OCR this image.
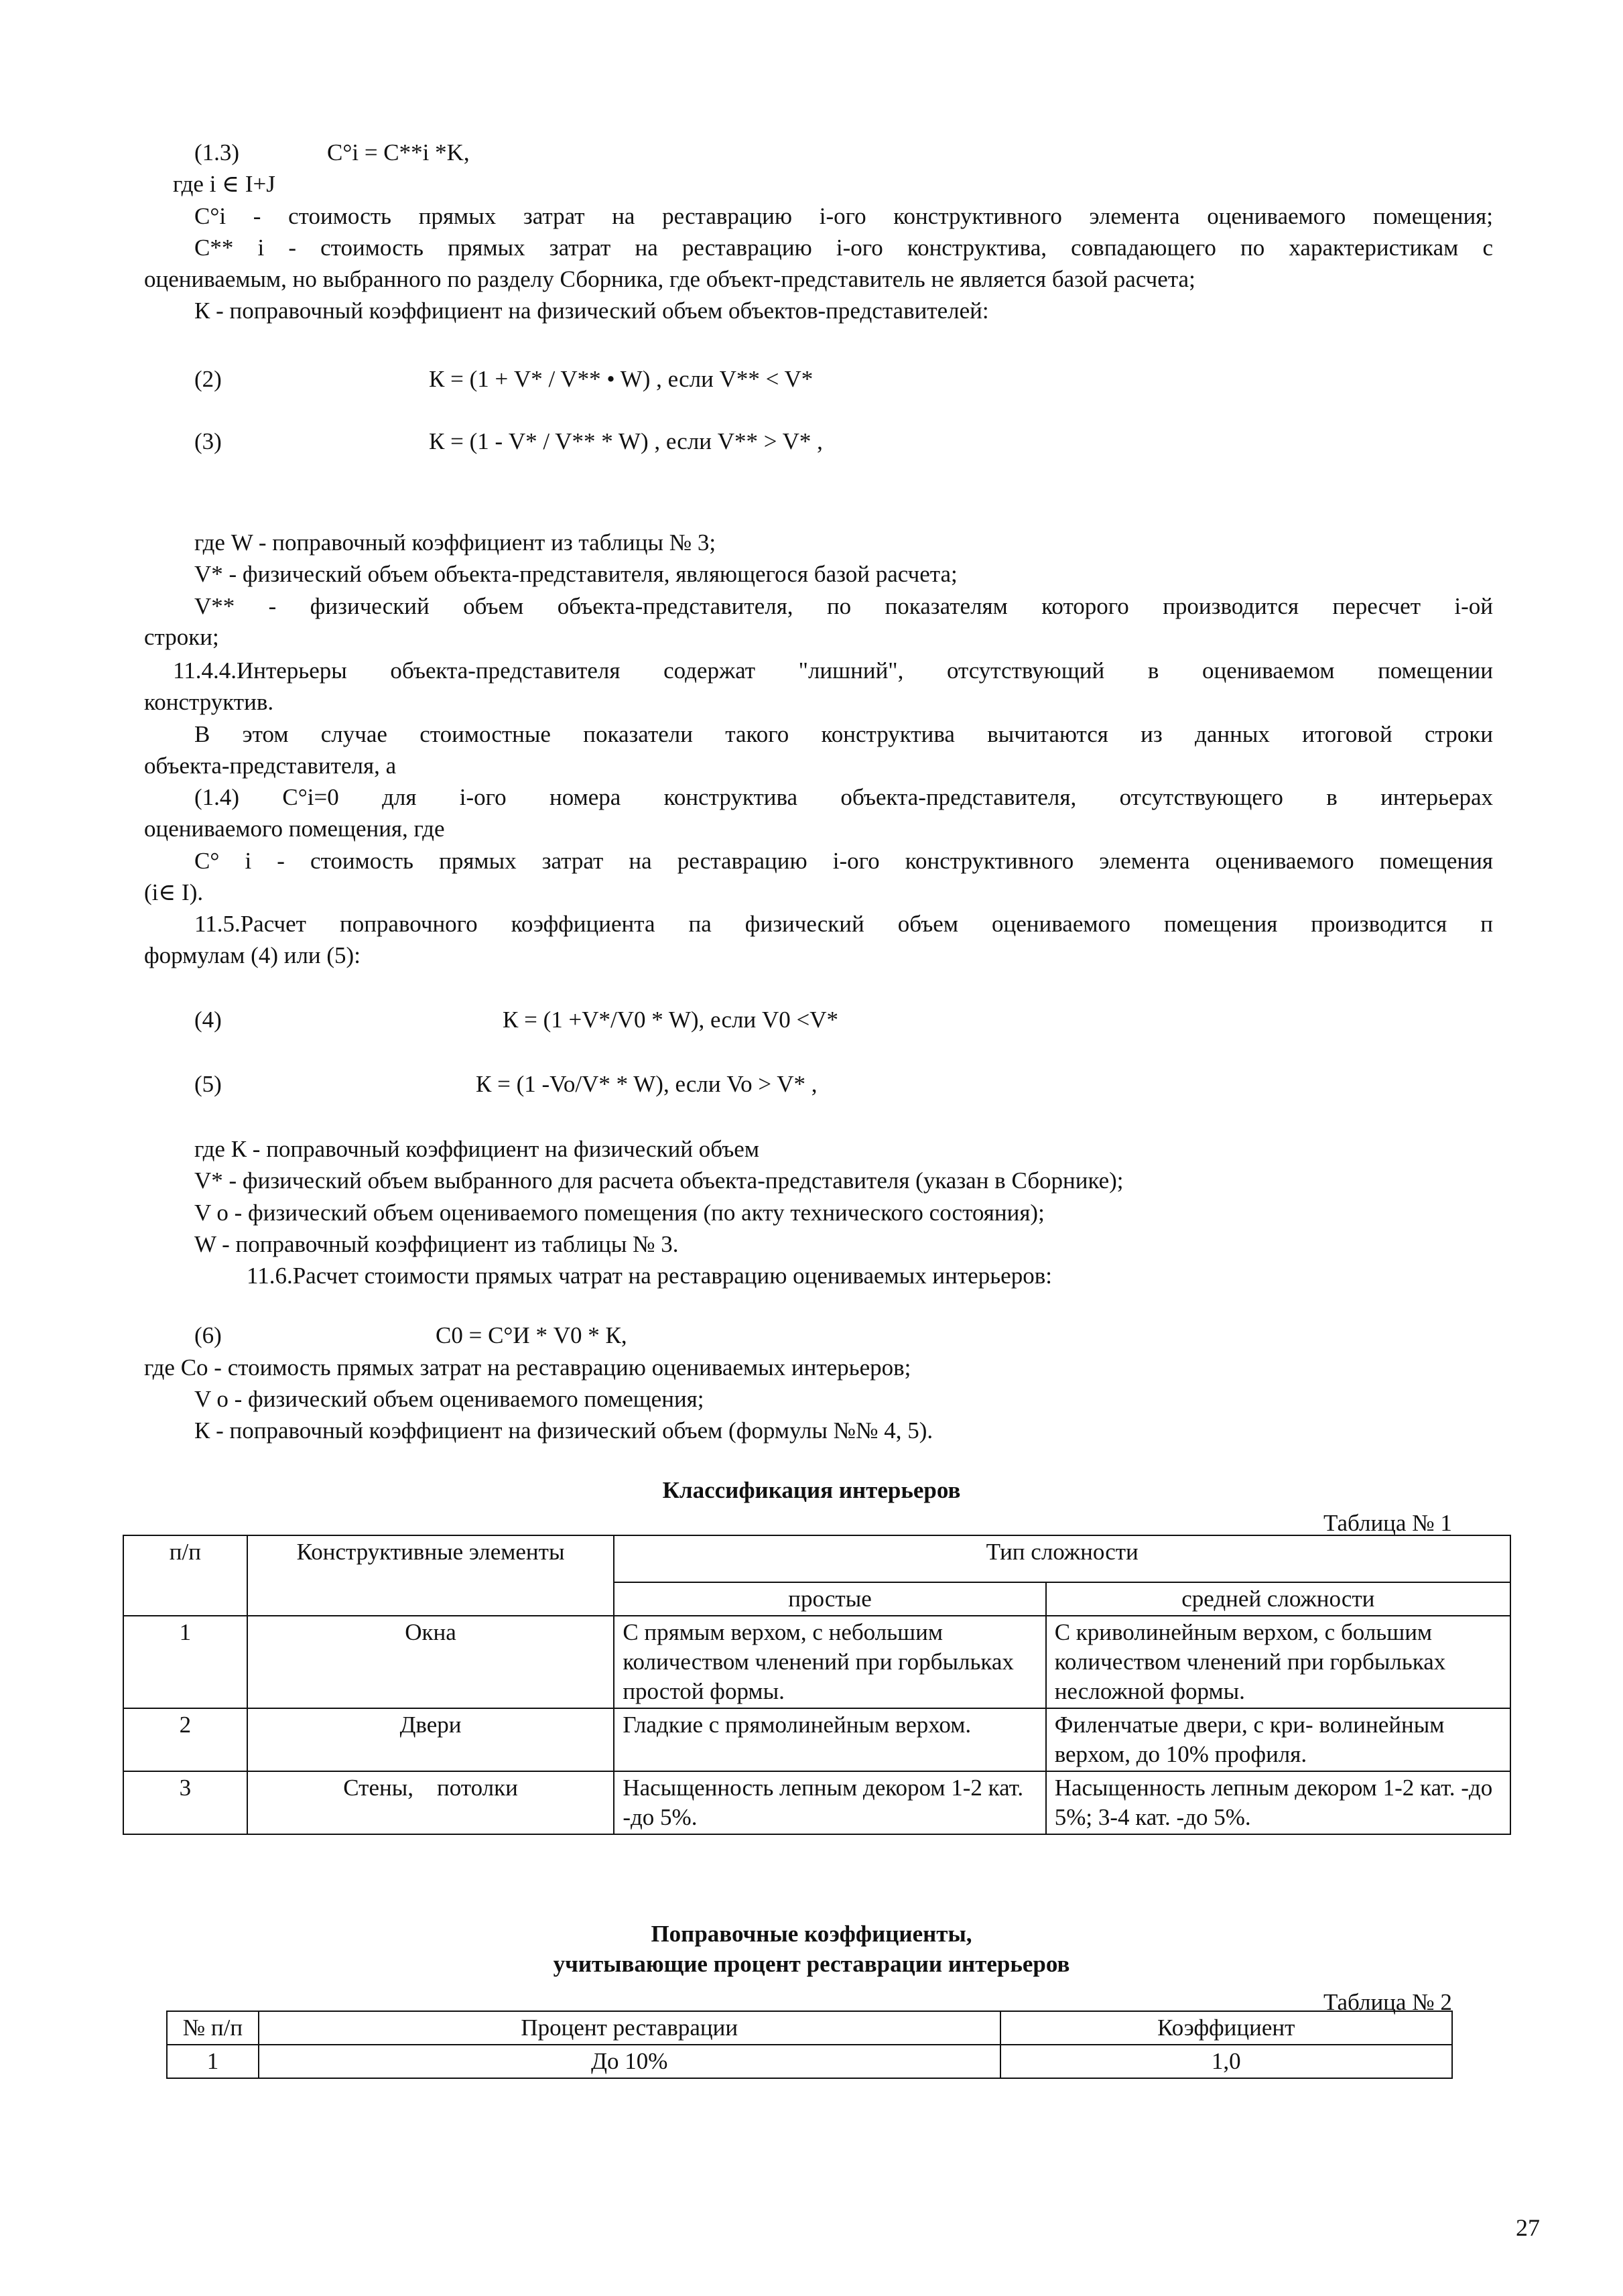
(1.3)	C°i = C**i *K,
где i ∈ I+J
C°i - стоимость прямых затрат на реставрацию i-ого конструктивного элемента оцениваемого помещения;
C** i - стоимость прямых затрат на реставрацию i-ого конструктива, совпадающего по характеристикам с
оцениваемым, но выбранного по разделу Сборника, где объект-представитель не является базой расчета;
К - поправочный коэффициент на физический объем объектов-представителей:
(2)	К = (1 + V* / V** • W) , если V** < V*
(3)	К = (1 - V* / V** * W) , если V** > V* ,
где W - поправочный коэффициент из таблицы № 3;
V* - физический объем объекта-представителя, являющегося базой расчета;
V** - физический объем объекта-представителя, по показателям которого производится пересчет i-ой
строки;
11.4.4.Интерьеры объекта-представителя содержат "лишний", отсутствующий в оцениваемом помещении
конструктив.
В этом случае стоимостные показатели такого конструктива вычитаются из данных итоговой строки
объекта-представителя, а
(1.4) C°i=0 для i-ого номера конструктива объекта-представителя, отсутствующего в интерьерах
оцениваемого помещения, где
C° i - стоимость прямых затрат на реставрацию i-ого конструктивного элемента оцениваемого помещения
(i∈ I).
11.5.Расчет поправочного коэффициента па физический объем оцениваемого помещения производится п
формулам (4) или (5):
(4)	К = (1 +V*/V0 * W), если V0 <V*
(5)	К = (1 -Vo/V* * W), если Vo > V* ,
где К - поправочный коэффициент на физический объем
V* - физический объем выбранного для расчета объекта-представителя (указан в Сборнике);
V о - физический объем оцениваемого помещения (по акту технического состояния);
W - поправочный коэффициент из таблицы № 3.
11.6.Расчет стоимости прямых чатрат на реставрацию оцениваемых интерьеров:
(6)	C0 = C°И * V0 * К,
где Co - стоимость прямых затрат на реставрацию оцениваемых интерьеров;
V о - физический объем оцениваемого помещения;
К - поправочный коэффициент на физический объем (формулы №№ 4, 5).
Классификация интерьеров
Таблица № 1
п/п	Конструктивные элементы	Тип сложности	
		простые	средней сложности
1	Окна	С прямым верхом, с небольшим количеством членений при горбыльках простой формы.	С криволинейным верхом, с большим количеством членений при горбыльках несложной формы.
2	Двери	Гладкие с прямолинейным верхом.	Филенчатые двери, с кри- волинейным верхом, до 10% профиля.
3	Стены,    потолки	Насыщенность лепным декором 1-2 кат. -до 5%.	Насыщенность лепным декором 1-2 кат. -до 5%; 3-4 кат. -до 5%.
Поправочные коэффициенты,
учитывающие процент реставрации интерьеров
Таблица № 2
№ п/п	Процент реставрации	Коэффициент
1	До 10%	1,0
27
